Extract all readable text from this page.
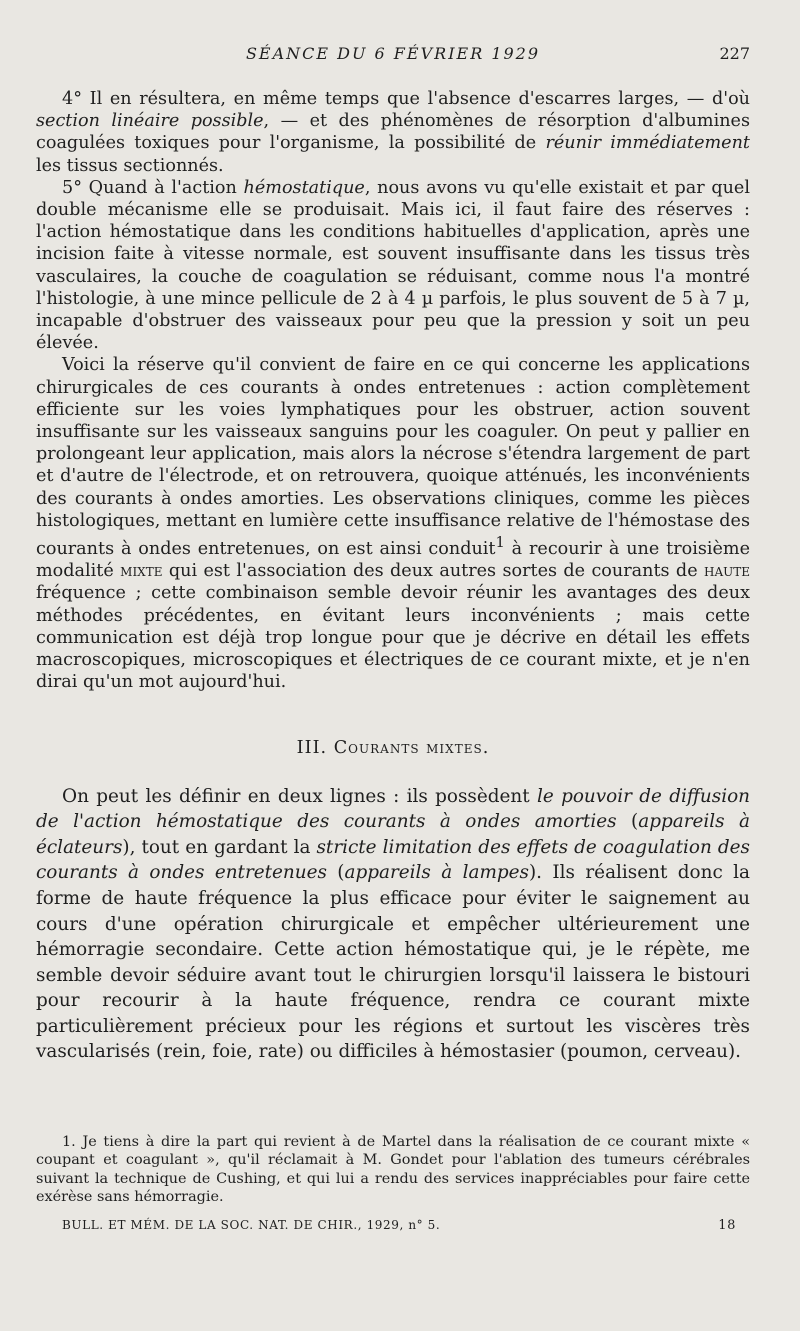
SÉANCE DU 6 FÉVRIER 1929	227

4° Il en résultera, en même temps que l'absence d'escarres larges, — d'où section linéaire possible, — et des phénomènes de résorption d'albumines coagulées toxiques pour l'organisme, la possibilité de réunir immédiatement les tissus sectionnés.

5° Quand à l'action hémostatique, nous avons vu qu'elle existait et par quel double mécanisme elle se produisait. Mais ici, il faut faire des réserves : l'action hémostatique dans les conditions habituelles d'application, après une incision faite à vitesse normale, est souvent insuffisante dans les tissus très vasculaires, la couche de coagulation se réduisant, comme nous l'a montré l'histologie, à une mince pellicule de 2 à 4 µ parfois, le plus souvent de 5 à 7 µ, incapable d'obstruer des vaisseaux pour peu que la pression y soit un peu élevée.

Voici la réserve qu'il convient de faire en ce qui concerne les applications chirurgicales de ces courants à ondes entretenues : action complètement efficiente sur les voies lymphatiques pour les obstruer, action souvent insuffisante sur les vaisseaux sanguins pour les coaguler. On peut y pallier en prolongeant leur application, mais alors la nécrose s'étendra largement de part et d'autre de l'électrode, et on retrouvera, quoique atténués, les inconvénients des courants à ondes amorties. Les observations cliniques, comme les pièces histologiques, mettant en lumière cette insuffisance relative de l'hémostase des courants à ondes entretenues, on est ainsi conduit$^1$ à recourir à une troisième modalité mixte qui est l'association des deux autres sortes de courants de haute fréquence ; cette combinaison semble devoir réunir les avantages des deux méthodes précédentes, en évitant leurs inconvénients ; mais cette communication est déjà trop longue pour que je décrive en détail les effets macroscopiques, microscopiques et électriques de ce courant mixte, et je n'en dirai qu'un mot aujourd'hui.

III. Courants mixtes.

On peut les définir en deux lignes : ils possèdent le pouvoir de diffusion de l'action hémostatique des courants à ondes amorties (appareils à éclateurs), tout en gardant la stricte limitation des effets de coagulation des courants à ondes entretenues (appareils à lampes). Ils réalisent donc la forme de haute fréquence la plus efficace pour éviter le saignement au cours d'une opération chirurgicale et empêcher ultérieurement une hémorragie secondaire. Cette action hémostatique qui, je le répète, me semble devoir séduire avant tout le chirurgien lorsqu'il laissera le bistouri pour recourir à la haute fréquence, rendra ce courant mixte particulièrement précieux pour les régions et surtout les viscères très vascularisés (rein, foie, rate) ou difficiles à hémostasier (poumon, cerveau).

1. Je tiens à dire la part qui revient à de Martel dans la réalisation de ce courant mixte « coupant et coagulant », qu'il réclamait à M. Gondet pour l'ablation des tumeurs cérébrales suivant la technique de Cushing, et qui lui a rendu des services inappréciables pour faire cette exérèse sans hémorragie.

BULL. ET MÉM. DE LA SOC. NAT. DE CHIR., 1929, n° 5.	18
